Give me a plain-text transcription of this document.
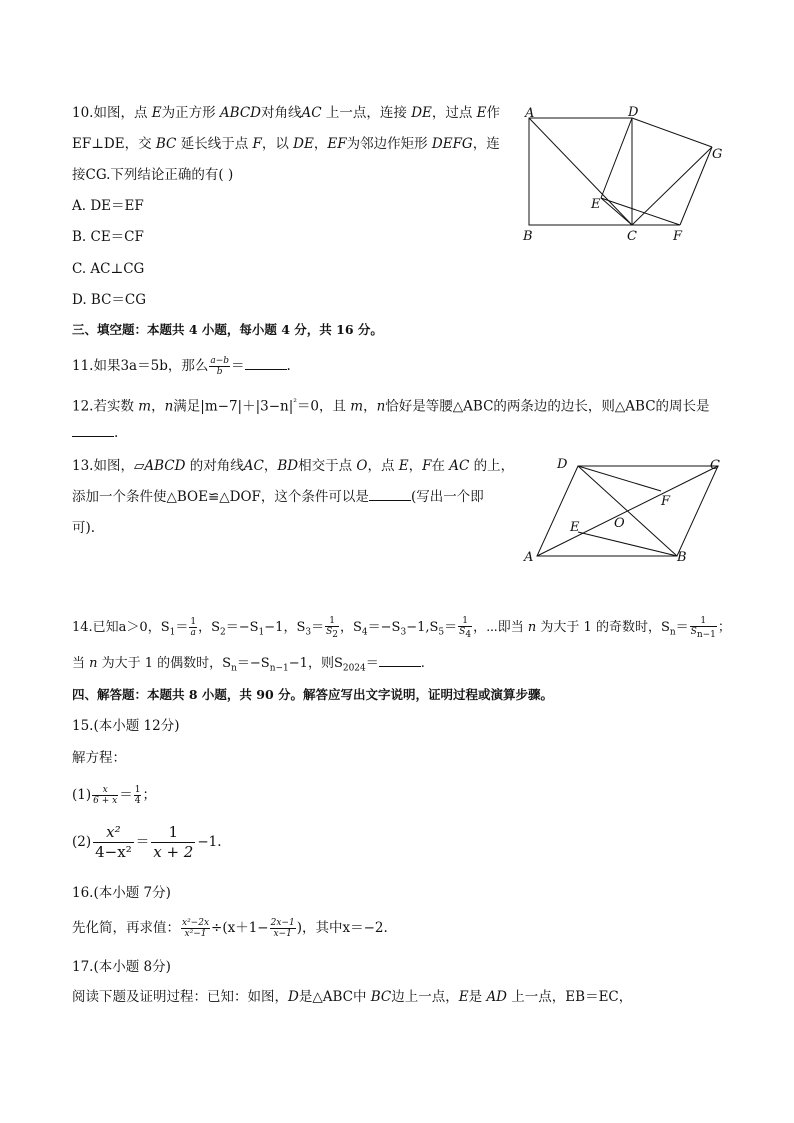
10.如图，点 E为正方形 ABCD对角线AC 上一点，连接 DE，过点 E作
EF⊥DE，交 BC 延长线于点 F，以 DE，EF为邻边作矩形 DEFG，连
接CG.下列结论正确的有( )
A. DE＝EF
B. CE＝CF
C. AC⊥CG
D. BC＝CG
A	D
G
E
B	C	F
三、填空题：本题共 4 小题，每小题 4 分，共 16 分。
11.如果3a＝5b，那么 $\frac{a-b}{b}$ ＝	.
12.若实数 m，n满足$|m-7|+|3-n|^{^2}=0$，且 m，n恰好是等腰△ABC的两条边的边长，则△ABC的周长是
.
13.如图，▱ABCD 的对角线AC，BD相交于点 O，点 E，F在 AC 的上，
添加一个条件使△BOE≌△DOF，这个条件可以是	(写出一个即
可).
D	C
F
O
E
A	B
14.已知a＞0，$S_1= \frac{1}{a}$ ，$S_2=-S_1-1$，$S_3= \frac{1}{S_2}$ ，$S_4=-S_3-1,S_5= \frac{1}{S_4}$ ，⋯即当 n 为大于 1 的奇数时，$S_n= \frac{1}{S_{n-1}}$ ；
当 n 为大于 1 的偶数时，$S_n=-S_{n-1}-1$，则$S_{2024}=$	.
四、解答题：本题共 8 小题，共 90 分。解答应写出文字说明，证明过程或演算步骤。
15.(本小题 12分)
解方程：
$(1) \frac{x}{6 + x} = \frac{1}{4}$ ；
$(2) \frac{\text{x²}}{\text{4−x²}} = \frac{1}{x + 2} -1$.
16.(本小题 7分)
先化简，再求值： $\frac{\text{x²−2x}}{\text{x²−1}} \div(x+1- \frac{2x-1}{x-1}$ )，其中x＝−2.
17.(本小题 8分)
阅读下题及证明过程：已知：如图，D是△ABC中 BC边上一点，E是 AD 上一点，EB＝EC，
